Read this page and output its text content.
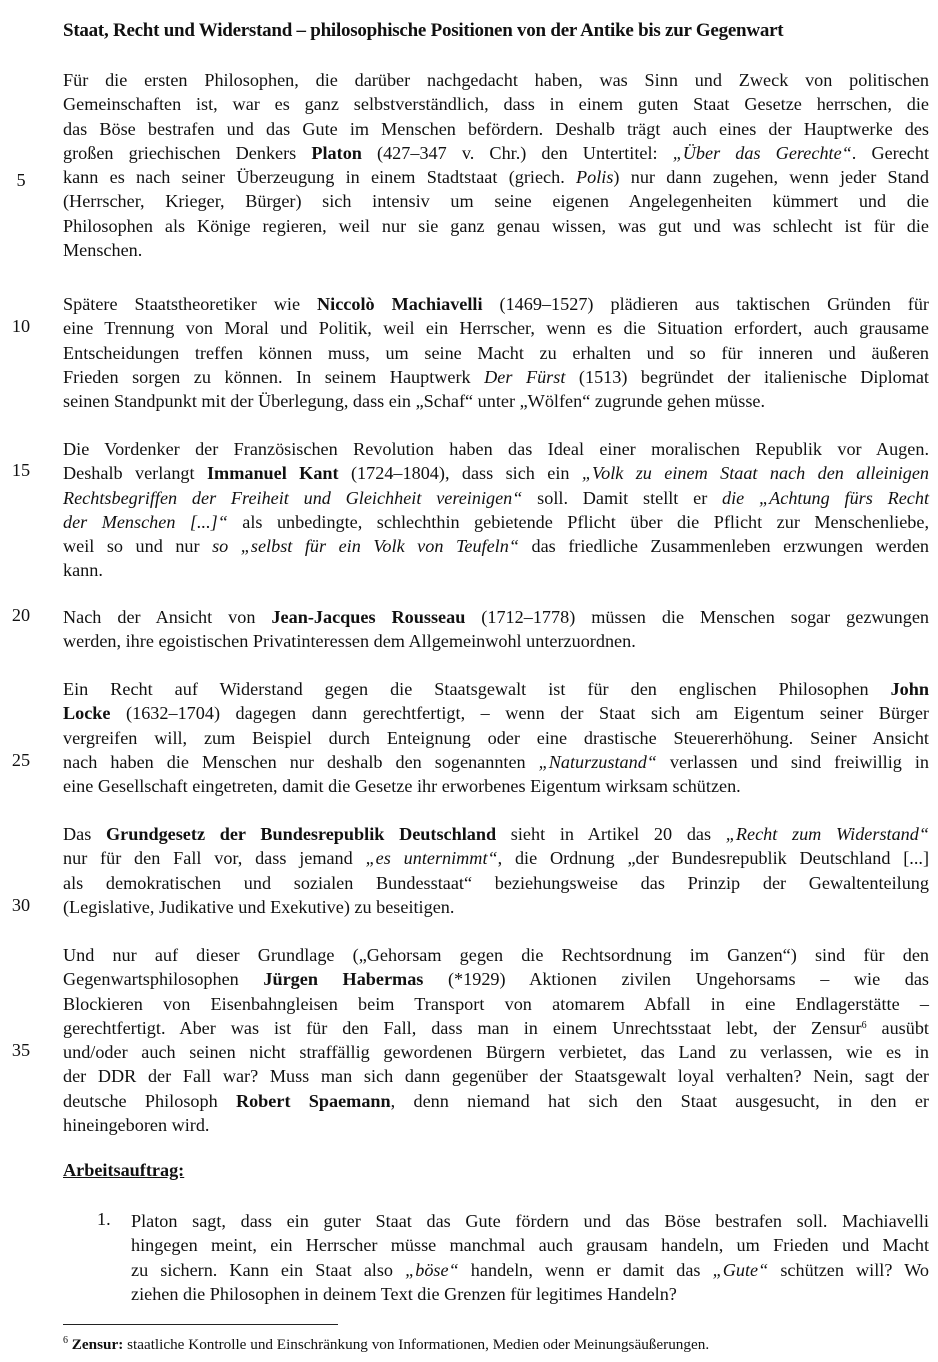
Staat, Recht und Widerstand – philosophische Positionen von der Antike bis zur Gegenwart
5
10
15
20
25
30
35
Für die ersten Philosophen, die darüber nachgedacht haben, was Sinn und Zweck von politischen
Gemeinschaften ist, war es ganz selbstverständlich, dass in einem guten Staat Gesetze herrschen, die
das Böse bestrafen und das Gute im Menschen befördern. Deshalb trägt auch eines der Hauptwerke des
großen griechischen Denkers Platon (427–347 v. Chr.) den Untertitel: „Über das Gerechte“. Gerecht
kann es nach seiner Überzeugung in einem Stadtstaat (griech. Polis) nur dann zugehen, wenn jeder Stand
(Herrscher, Krieger, Bürger) sich intensiv um seine eigenen Angelegenheiten kümmert und die
Philosophen als Könige regieren, weil nur sie ganz genau wissen, was gut und was schlecht ist für die
Menschen.
Spätere Staatstheoretiker wie Niccolò Machiavelli (1469–1527) plädieren aus taktischen Gründen für
eine Trennung von Moral und Politik, weil ein Herrscher, wenn es die Situation erfordert, auch grausame
Entscheidungen treffen können muss, um seine Macht zu erhalten und so für inneren und äußeren
Frieden sorgen zu können. In seinem Hauptwerk Der Fürst (1513) begründet der italienische Diplomat
seinen Standpunkt mit der Überlegung, dass ein „Schaf“ unter „Wölfen“ zugrunde gehen müsse.
Die Vordenker der Französischen Revolution haben das Ideal einer moralischen Republik vor Augen.
Deshalb verlangt Immanuel Kant (1724–1804), dass sich ein „Volk zu einem Staat nach den alleinigen
Rechtsbegriffen der Freiheit und Gleichheit vereinigen“ soll. Damit stellt er die „Achtung fürs Recht
der Menschen [...]“ als unbedingte, schlechthin gebietende Pflicht über die Pflicht zur Menschenliebe,
weil so und nur so „selbst für ein Volk von Teufeln“ das friedliche Zusammenleben erzwungen werden
kann.
Nach der Ansicht von Jean-Jacques Rousseau (1712–1778) müssen die Menschen sogar gezwungen
werden, ihre egoistischen Privatinteressen dem Allgemeinwohl unterzuordnen.
Ein Recht auf Widerstand gegen die Staatsgewalt ist für den englischen Philosophen John
Locke (1632–1704) dagegen dann gerechtfertigt, – wenn der Staat sich am Eigentum seiner Bürger
vergreifen will, zum Beispiel durch Enteignung oder eine drastische Steuererhöhung. Seiner Ansicht
nach haben die Menschen nur deshalb den sogenannten „Naturzustand“ verlassen und sind freiwillig in
eine Gesellschaft eingetreten, damit die Gesetze ihr erworbenes Eigentum wirksam schützen.
Das Grundgesetz der Bundesrepublik Deutschland sieht in Artikel 20 das „Recht zum Widerstand“
nur für den Fall vor, dass jemand „es unternimmt“, die Ordnung „der Bundesrepublik Deutschland [...]
als demokratischen und sozialen Bundesstaat“ beziehungsweise das Prinzip der Gewaltenteilung
(Legislative, Judikative und Exekutive) zu beseitigen.
Und nur auf dieser Grundlage („Gehorsam gegen die Rechtsordnung im Ganzen“) sind für den
Gegenwartsphilosophen Jürgen Habermas (*1929) Aktionen zivilen Ungehorsams – wie das
Blockieren von Eisenbahngleisen beim Transport von atomarem Abfall in eine Endlagerstätte –
gerechtfertigt. Aber was ist für den Fall, dass man in einem Unrechtsstaat lebt, der Zensur$^6$ ausübt
und/oder auch seinen nicht straffällig gewordenen Bürgern verbietet, das Land zu verlassen, wie es in
der DDR der Fall war? Muss man sich dann gegenüber der Staatsgewalt loyal verhalten? Nein, sagt der
deutsche Philosoph Robert Spaemann, denn niemand hat sich den Staat ausgesucht, in den er
hineingeboren wird.
Arbeitsauftrag:
1. Platon sagt, dass ein guter Staat das Gute fördern und das Böse bestrafen soll. Machiavelli
hingegen meint, ein Herrscher müsse manchmal auch grausam handeln, um Frieden und Macht
zu sichern. Kann ein Staat also „böse“ handeln, wenn er damit das „Gute“ schützen will? Wo
ziehen die Philosophen in deinem Text die Grenzen für legitimes Handeln?
$^6$ Zensur: staatliche Kontrolle und Einschränkung von Informationen, Medien oder Meinungsäußerungen.
